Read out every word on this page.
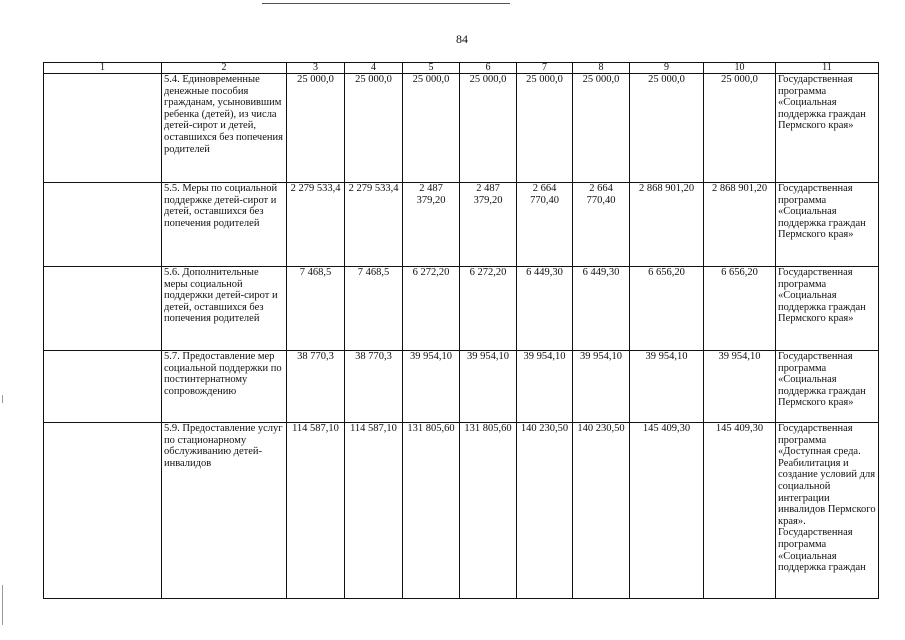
84
1	2	3	4	5	6	7	8	9	10	11
	5.4. Единовременные денежные пособия гражданам, усыновившим ребенка (детей), из числа детей-сирот и детей, оставшихся без попечения родителей	25 000,0	25 000,0	25 000,0	25 000,0	25 000,0	25 000,0	25 000,0	25 000,0	Государственная программа «Социальная поддержка граждан Пермского края»
	5.5. Меры по социальной поддержке детей-сирот и детей, оставшихся без попечения родителей	2 279 533,4	2 279 533,4	2 487 379,20	2 487 379,20	2 664 770,40	2 664 770,40	2 868 901,20	2 868 901,20	Государственная программа «Социальная поддержка граждан Пермского края»
	5.6. Дополнительные меры социальной поддержки детей-сирот и детей, оставшихся без попечения родителей	7 468,5	7 468,5	6 272,20	6 272,20	6 449,30	6 449,30	6 656,20	6 656,20	Государственная программа «Социальная поддержка граждан Пермского края»
	5.7. Предоставление мер социальной поддержки по постинтернатному сопровождению	38 770,3	38 770,3	39 954,10	39 954,10	39 954,10	39 954,10	39 954,10	39 954,10	Государственная программа «Социальная поддержка граждан Пермского края»
	5.9. Предоставление услуг по стационарному обслуживанию детей-инвалидов	114 587,10	114 587,10	131 805,60	131 805,60	140 230,50	140 230,50	145 409,30	145 409,30	Государственная программа «Доступная среда. Реабилитация и создание условий для социальной интеграции инвалидов Пермского края». Государственная программа «Социальная поддержка граждан
